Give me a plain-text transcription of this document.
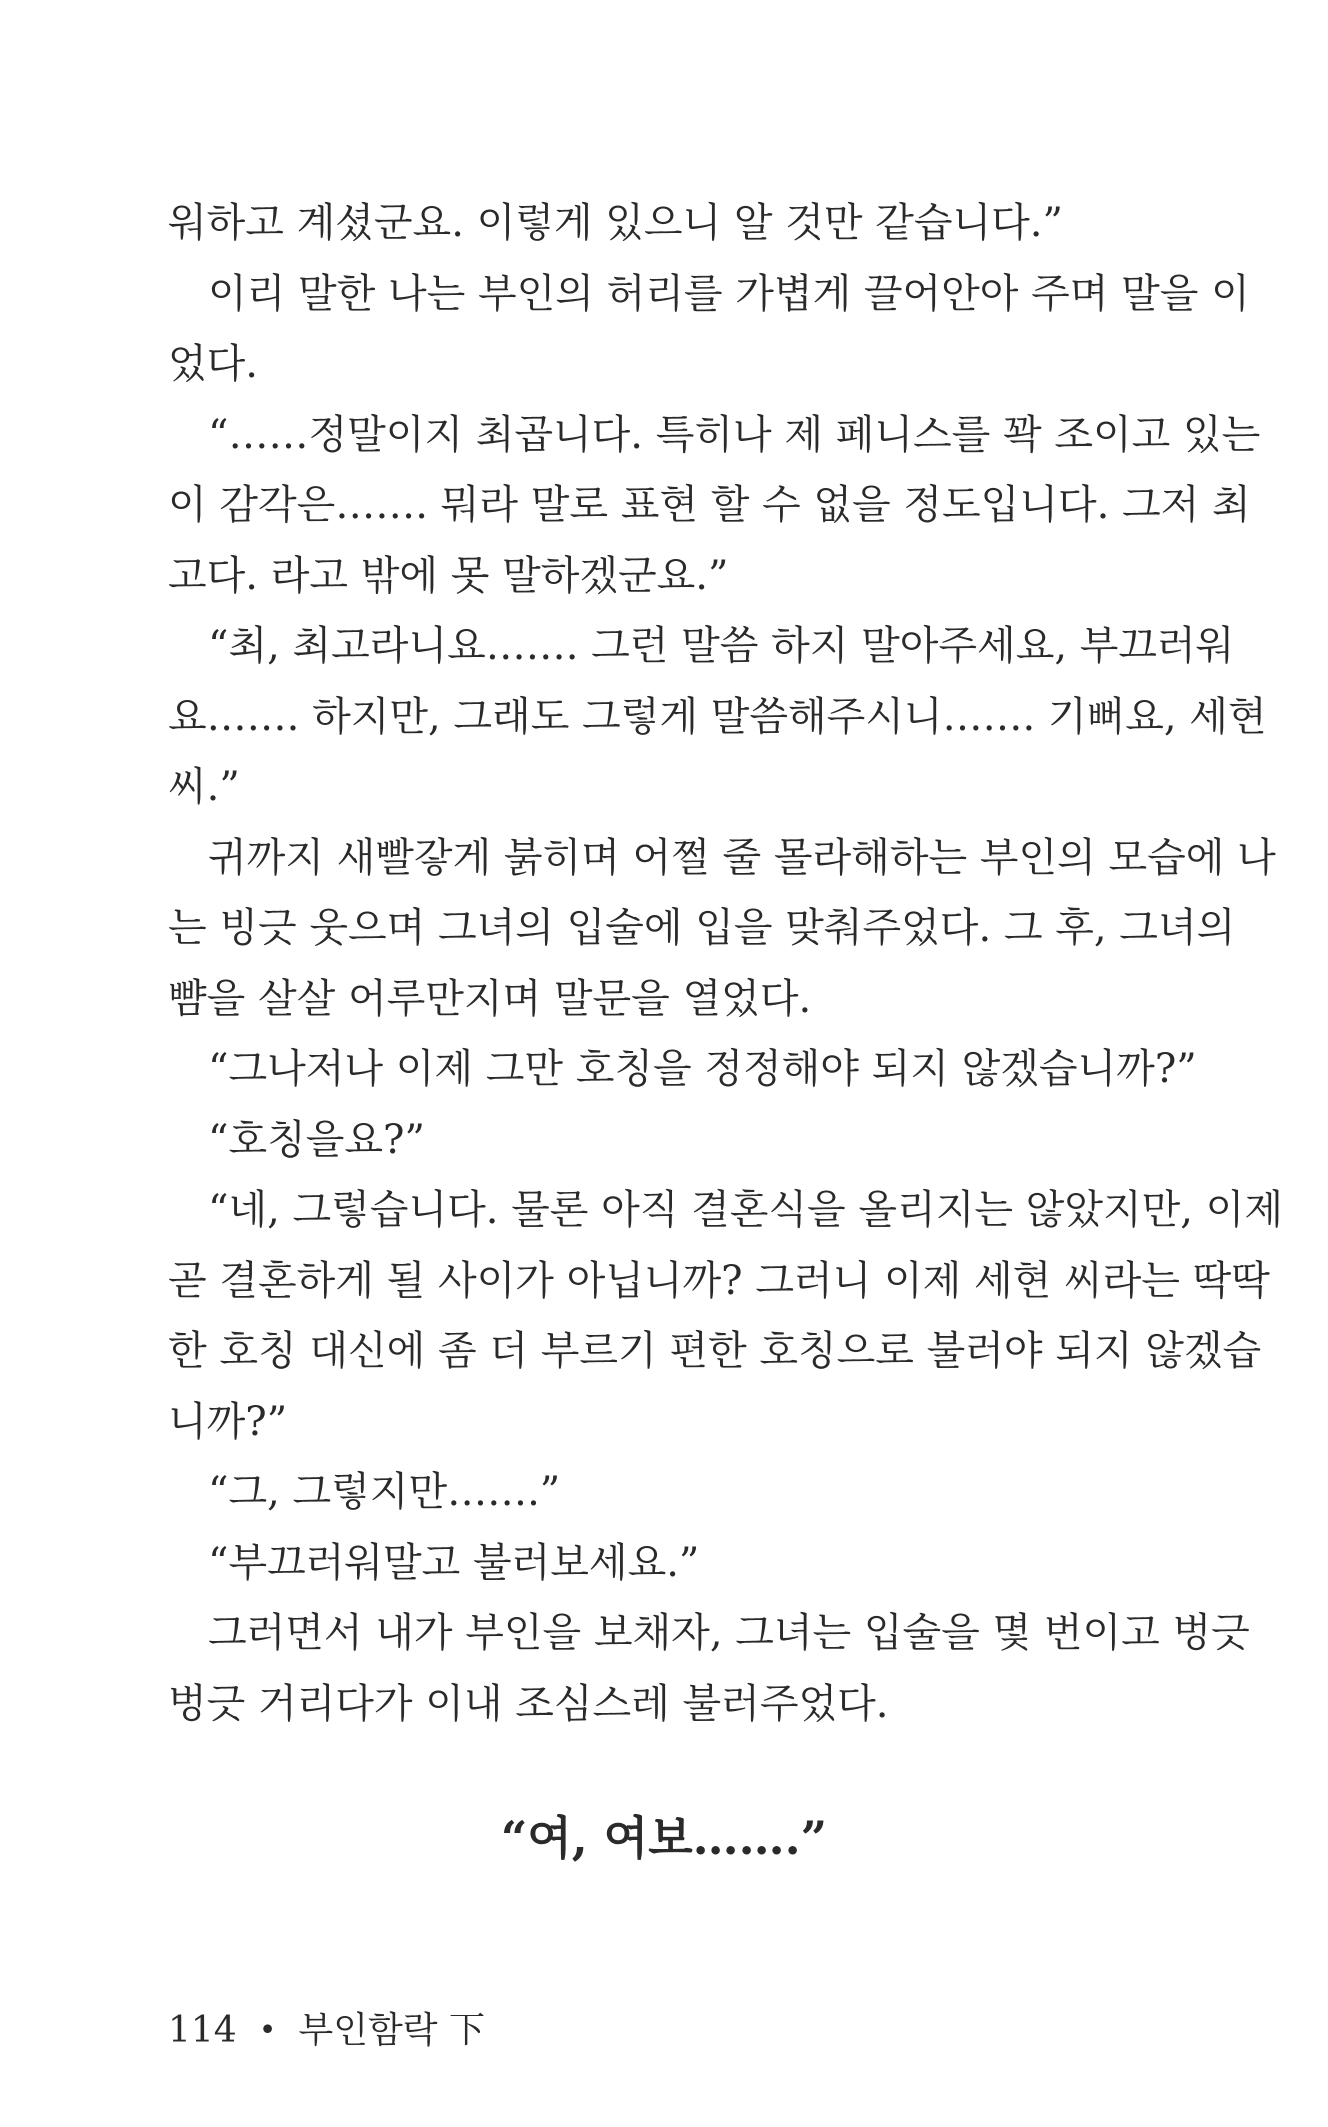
워하고 계셨군요. 이렇게 있으니 알 것만 같습니다.”
이리 말한 나는 부인의 허리를 가볍게 끌어안아 주며 말을 이
었다.
“……정말이지 최곱니다. 특히나 제 페니스를 꽉 조이고 있는
이 감각은……. 뭐라 말로 표현 할 수 없을 정도입니다. 그저 최
고다. 라고 밖에 못 말하겠군요.”
“최, 최고라니요……. 그런 말씀 하지 말아주세요, 부끄러워
요……. 하지만, 그래도 그렇게 말씀해주시니……. 기뻐요, 세현
씨.”
귀까지 새빨갛게 붉히며 어쩔 줄 몰라해하는 부인의 모습에 나
는 빙긋 웃으며 그녀의 입술에 입을 맞춰주었다. 그 후, 그녀의
뺨을 살살 어루만지며 말문을 열었다.
“그나저나 이제 그만 호칭을 정정해야 되지 않겠습니까?”
“호칭을요?”
“네, 그렇습니다. 물론 아직 결혼식을 올리지는 않았지만, 이제
곧 결혼하게 될 사이가 아닙니까? 그러니 이제 세현 씨라는 딱딱
한 호칭 대신에 좀 더 부르기 편한 호칭으로 불러야 되지 않겠습
니까?”
“그, 그렇지만…….”
“부끄러워말고 불러보세요.”
그러면서 내가 부인을 보채자, 그녀는 입술을 몇 번이고 벙긋
벙긋 거리다가 이내 조심스레 불러주었다.
“여, 여보…….”
114 • 부인함락 下
